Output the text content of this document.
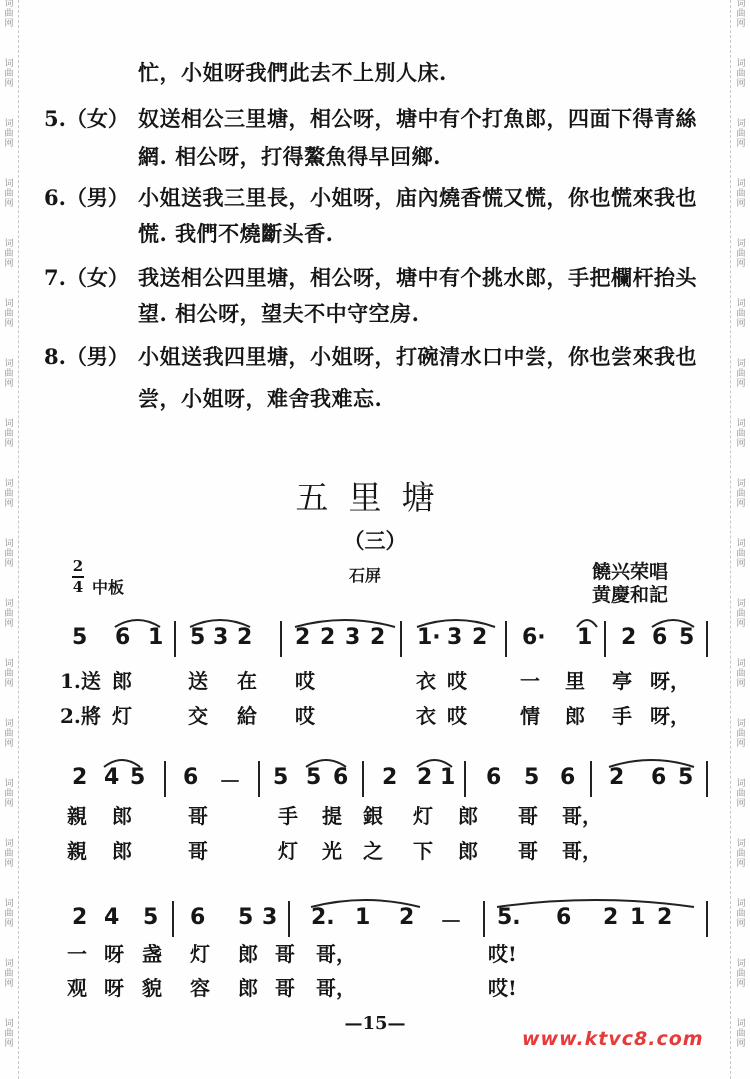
词
曲
网
词
曲
网
词
曲
网
词
曲
网
词
曲
网
词
曲
网
词
曲
网
词
曲
网
词
曲
网
词
曲
网
词
曲
网
词
曲
网
词
曲
网
词
曲
网
词
曲
网
词
曲
网
词
曲
网
词
曲
网
词
曲
网
词
曲
网
词
曲
网
词
曲
网
词
曲
网
词
曲
网
词
曲
网
词
曲
网
词
曲
网
词
曲
网
词
曲
网
词
曲
网
词
曲
网
词
曲
网
词
曲
网
词
曲
网
词
曲
网
词
曲
网
忙，小姐呀我們此去不上別人床.
5.（女） 奴送相公三里塘，相公呀，塘中有个打魚郎，四面下得青絲
網. 相公呀，打得鰲魚得早回鄉.
6.（男） 小姐送我三里長，小姐呀，庙內燒香慌又慌，你也慌來我也
慌. 我們不燒斷头香.
7.（女） 我送相公四里塘，相公呀，塘中有个挑水郎，手把欄杆抬头
望. 相公呀，望夫不中守空房.
8.（男） 小姐送我四里塘，小姐呀，打碗清水口中尝，你也尝來我也
尝，小姐呀，难舍我难忘.
五里塘
（三）
2
4 中板
石屏	饒兴荣唱
黄慶和記
5 6 1 5 3 2 2 2 3 2 1· 3 2 6· 1 2 6 5
1.送 郎	送 在 哎	衣 哎	一 里 亭 呀，
2.將 灯	交 給 哎	衣 哎	情 郎 手 呀，
2 4 5 6 － 5 5 6 2 2 1 6 5 6 2 6 5
親 郎	哥	手 提 銀 灯 郎 哥 哥，
親 郎	哥	灯 光 之 下 郎 哥 哥，
2 4 5 6 5 3 2. 1 2 － 5. 6 2 1 2
一 呀 盏 灯 郎 哥 哥，	哎!
观 呀 貌 容 郎 哥 哥，	哎!
—15—
www.ktvc8.com
